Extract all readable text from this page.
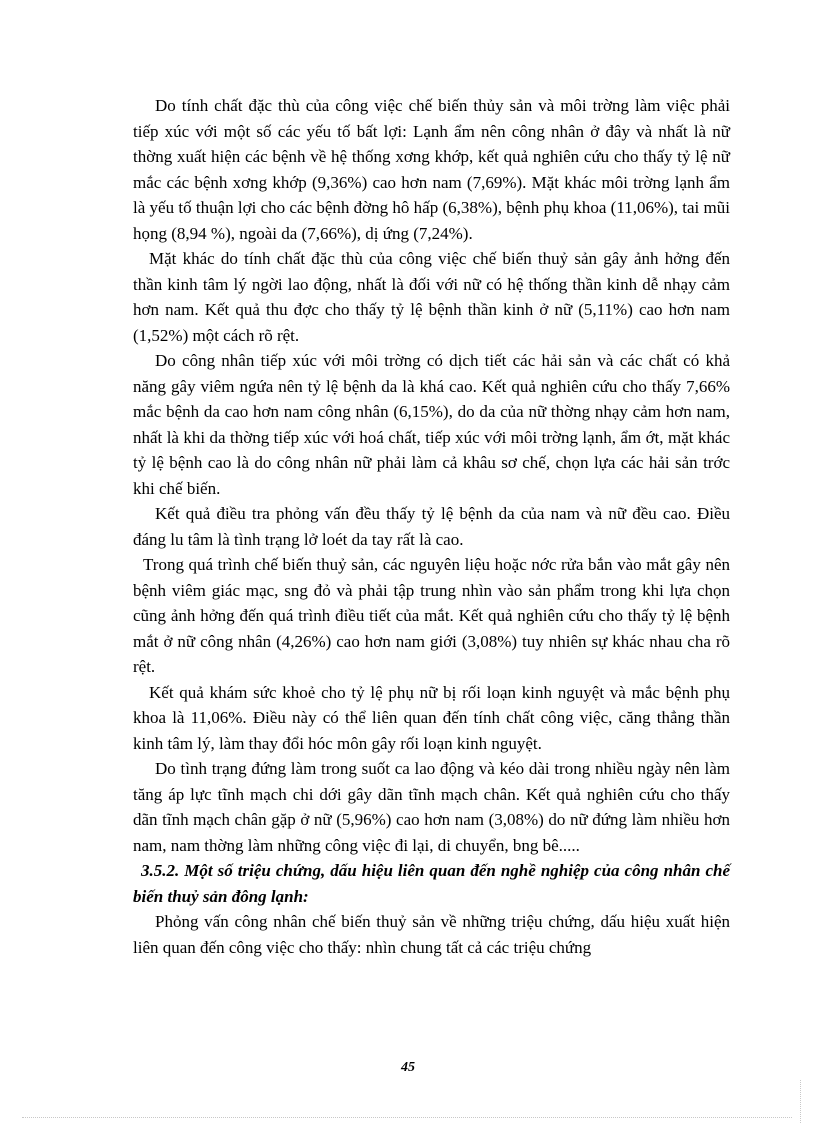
Do tính chất đặc thù của công việc chế biến thủy sản và môi trờng làm việc phải tiếp xúc với một số các yếu tố bất lợi: Lạnh ẩm nên công nhân ở đây và nhất là nữ thờng xuất hiện các bệnh về hệ thống xơng khớp, kết quả nghiên cứu cho thấy tỷ lệ nữ mắc các bệnh xơng khớp (9,36%) cao hơn nam (7,69%). Mặt khác môi trờng lạnh ẩm là yếu tố thuận lợi cho các bệnh đờng hô hấp (6,38%), bệnh phụ khoa (11,06%), tai mũi họng (8,94 %), ngoài da (7,66%), dị ứng (7,24%).

Mặt khác do tính chất đặc thù của công việc chế biến thuỷ sản gây ảnh hởng đến thần kinh tâm lý ngời lao động, nhất là đối với nữ có hệ thống thần kinh dễ nhạy cảm hơn nam. Kết quả thu đợc cho thấy tỷ lệ bệnh thần kinh ở nữ (5,11%) cao hơn nam (1,52%) một cách rõ rệt.

Do công nhân tiếp xúc với môi trờng có dịch tiết các hải sản và các chất có khả năng gây viêm ngứa nên tỷ lệ bệnh da là khá cao. Kết quả nghiên cứu cho thấy 7,66% mắc bệnh da cao hơn nam công nhân (6,15%), do da của nữ thờng nhạy cảm hơn nam, nhất là khi da thờng tiếp xúc với hoá chất, tiếp xúc với môi trờng lạnh, ẩm ớt, mặt khác tỷ lệ bệnh cao là do công nhân nữ phải làm cả khâu sơ chế, chọn lựa các hải sản trớc khi chế biến.

Kết quả điều tra phỏng vấn đều thấy tỷ lệ bệnh da của nam và nữ đều cao. Điều đáng lu tâm là tình trạng lở loét da tay rất là cao.

Trong quá trình chế biến thuỷ sản, các nguyên liệu hoặc nớc rửa bắn vào mắt gây nên bệnh viêm giác mạc, sng đỏ và phải tập trung nhìn vào sản phẩm trong khi lựa chọn cũng ảnh hởng đến quá trình điều tiết của mắt. Kết quả nghiên cứu cho thấy tỷ lệ bệnh mắt ở nữ công nhân (4,26%) cao hơn nam giới (3,08%) tuy nhiên sự khác nhau cha rõ rệt.

Kết quả khám sức khoẻ cho tỷ lệ phụ nữ bị rối loạn kinh nguyệt và mắc bệnh phụ khoa là 11,06%. Điều này có thể liên quan đến tính chất công việc, căng thẳng thần kinh tâm lý, làm thay đổi hóc môn gây rối loạn kinh nguyệt.

Do tình trạng đứng làm trong suốt ca lao động và kéo dài trong nhiều ngày nên làm tăng áp lực tĩnh mạch chi dới gây dãn tĩnh mạch chân. Kết quả nghiên cứu cho thấy dãn tĩnh mạch chân gặp ở nữ (5,96%) cao hơn nam (3,08%) do nữ đứng làm nhiều hơn nam, nam thờng làm những công việc đi lại, di chuyển, bng bê.....

3.5.2. Một số triệu chứng, dấu hiệu liên quan đến nghề nghiệp của công nhân chế biến thuỷ sản đông lạnh:

Phỏng vấn công nhân chế biến thuỷ sản về những triệu chứng, dấu hiệu xuất hiện liên quan đến công việc cho thấy: nhìn chung tất cả các triệu chứng

45
